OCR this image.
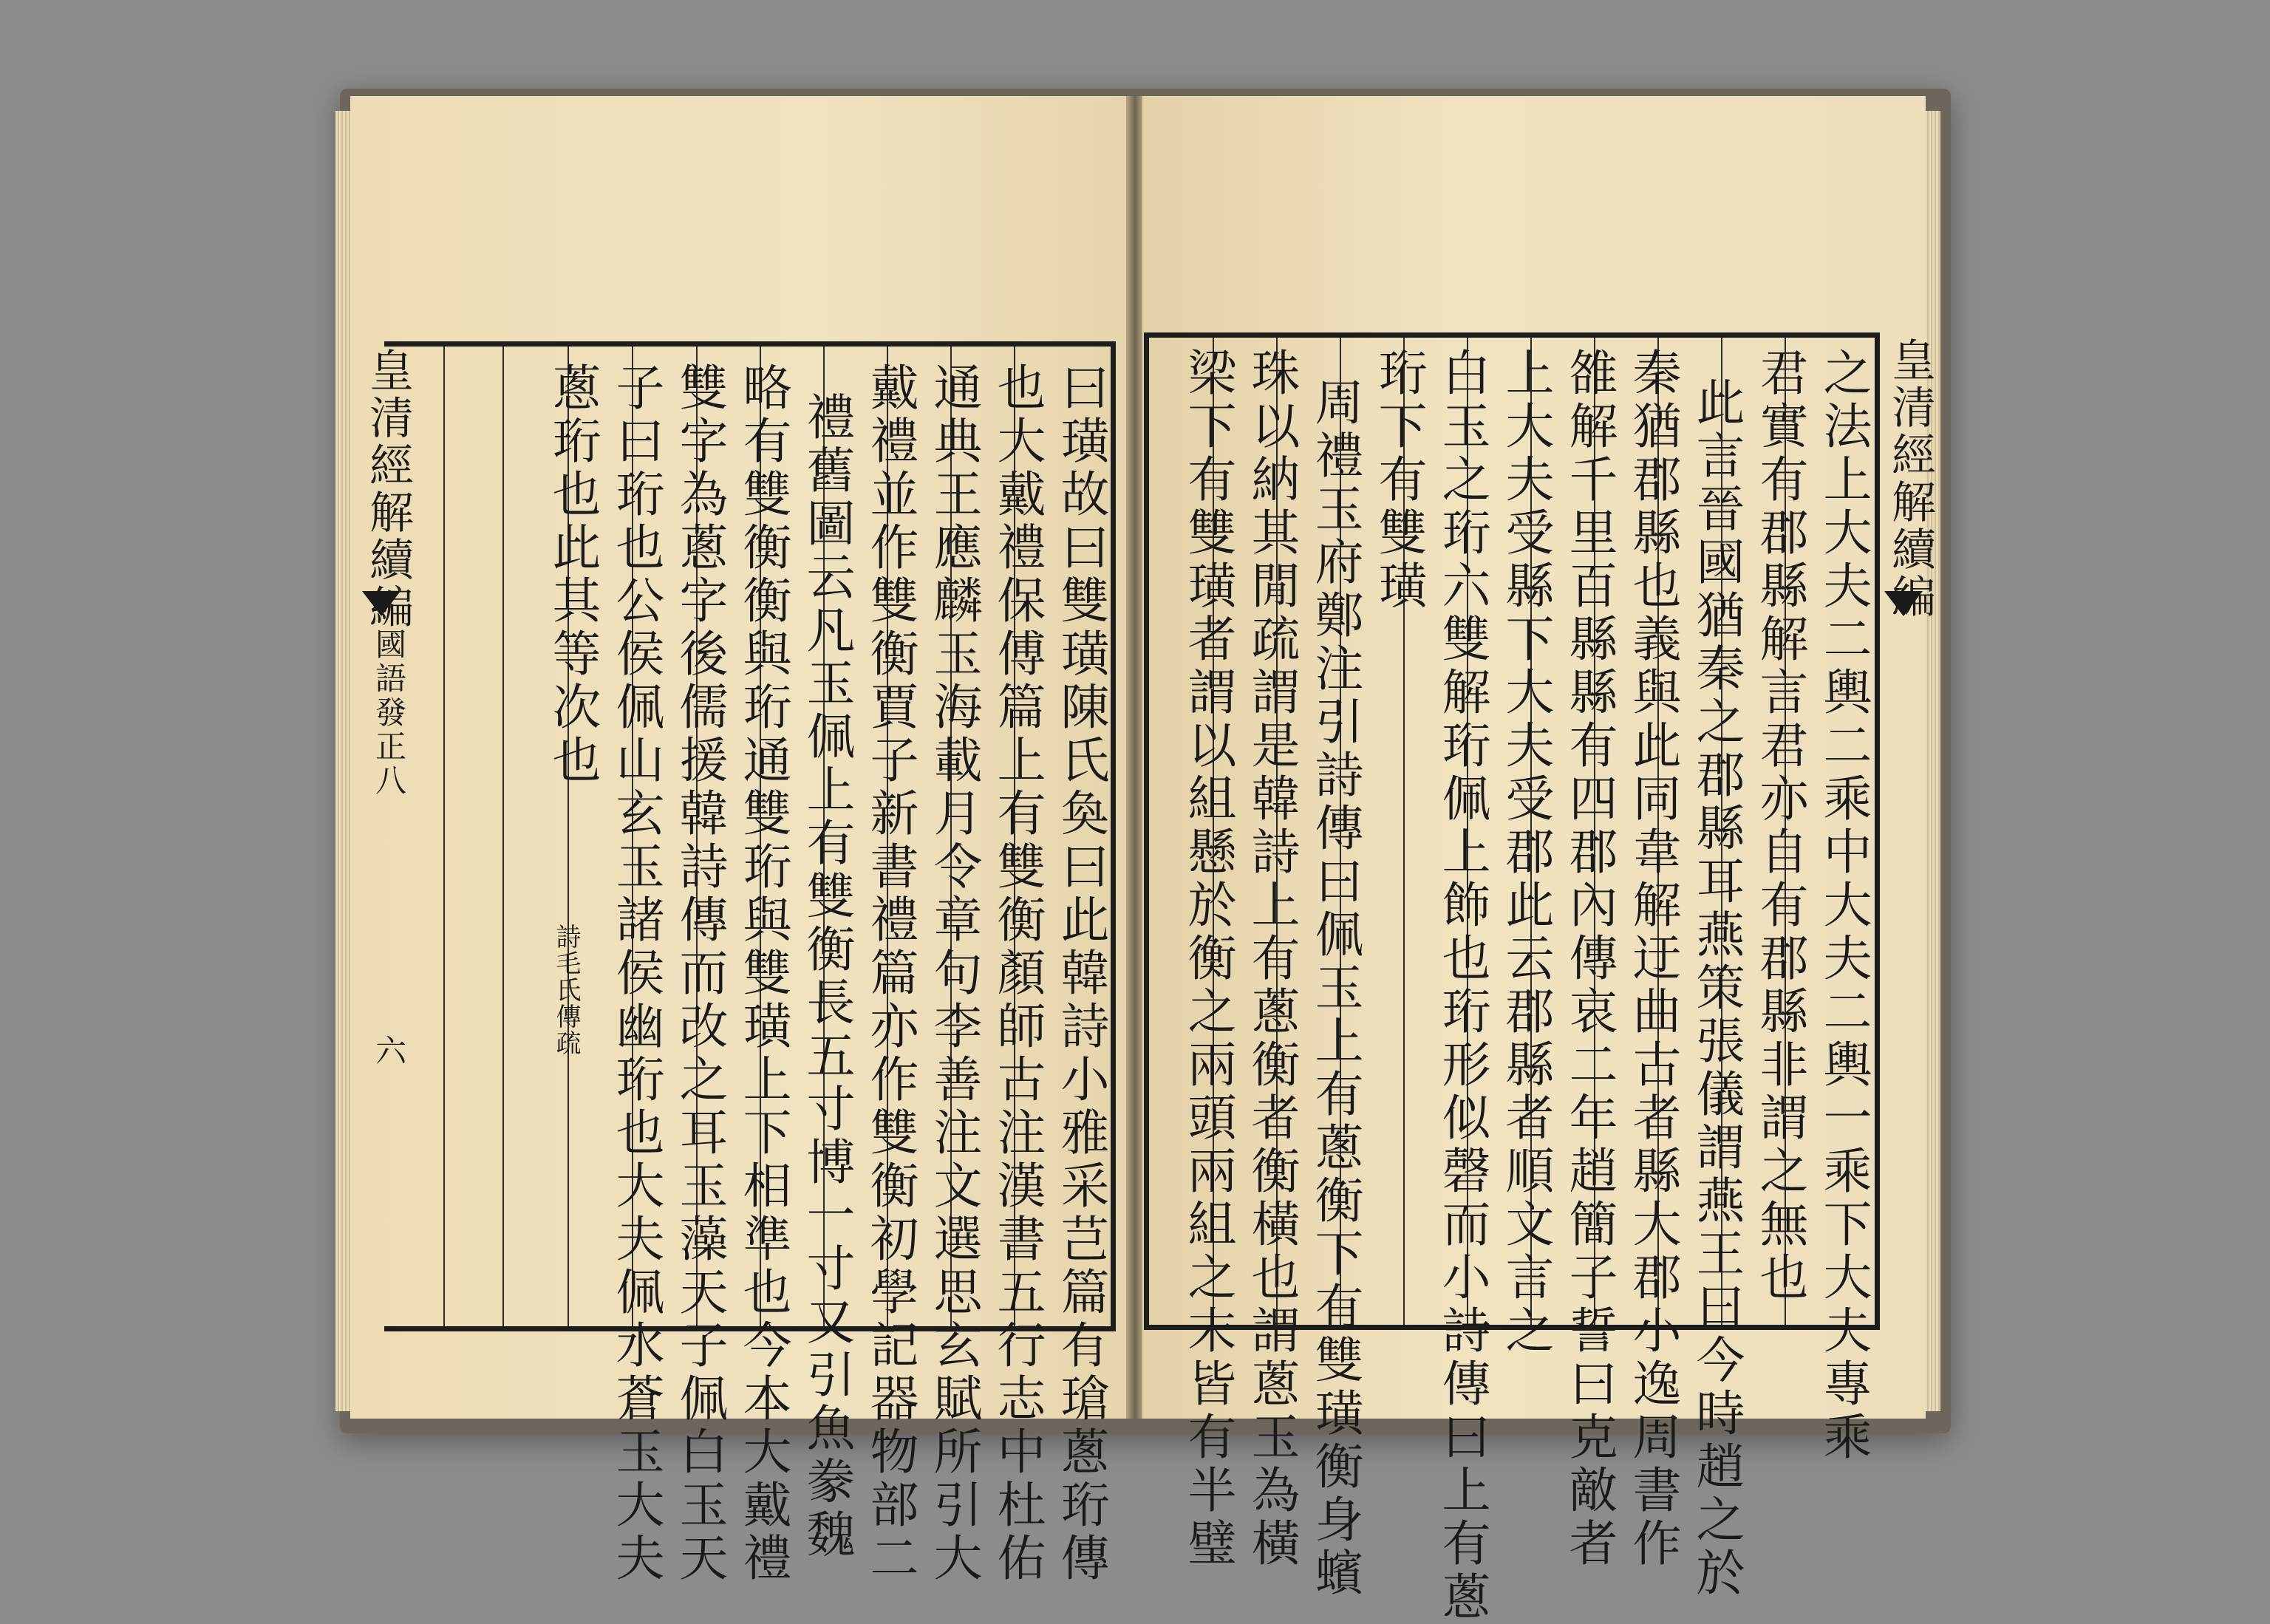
皇清經解續編
國語發正八
六	曰璜故曰雙璜陳氏奐曰此韓詩小雅采芑篇有瑲蔥珩傳
也大戴禮保傅篇上有雙衡顏師古注漢書五行志中杜佑
通典王應麟玉海載月令章句李善注文選思玄賦所引大
戴禮並作雙衡賈子新書禮篇亦作雙衡初學記器物部二
禮舊圖云凡玉佩上有雙衡長五寸博一寸又引魚豢魏
略有雙衡衡與珩通雙珩與雙璜上下相準也今本大戴禮
雙字為蔥字後儒援韓詩傳而改之耳玉藻天子佩白玉天
子曰珩也公侯佩山玄玉諸侯幽珩也大夫佩水蒼玉大夫
蔥珩也此其等次也
詩毛氏傳疏
皇清經解續編
之法上大夫二輿二乘中大夫二輿一乘下大夫專乘
君實有郡縣解言君亦自有郡縣非謂之無也
此言晉國猶秦之郡縣耳燕策張儀謂燕王曰今時趙之於
秦猶郡縣也義與此同韋解迂曲古者縣大郡小逸周書作
雒解千里百縣縣有四郡內傳哀二年趙簡子誓曰克敵者
上大夫受縣下大夫受郡此云郡縣者順文言之
白玉之珩六雙解珩佩上飾也珩形似磬而小詩傳曰上有蔥
珩下有雙璜
周禮玉府鄭注引詩傳曰佩玉上有蔥衡下有雙璜衡身蠙
珠以納其閒疏謂是韓詩上有蔥衡者衡橫也謂蔥玉為橫
梁下有雙璜者謂以組懸於衡之兩頭兩組之末皆有半璧
